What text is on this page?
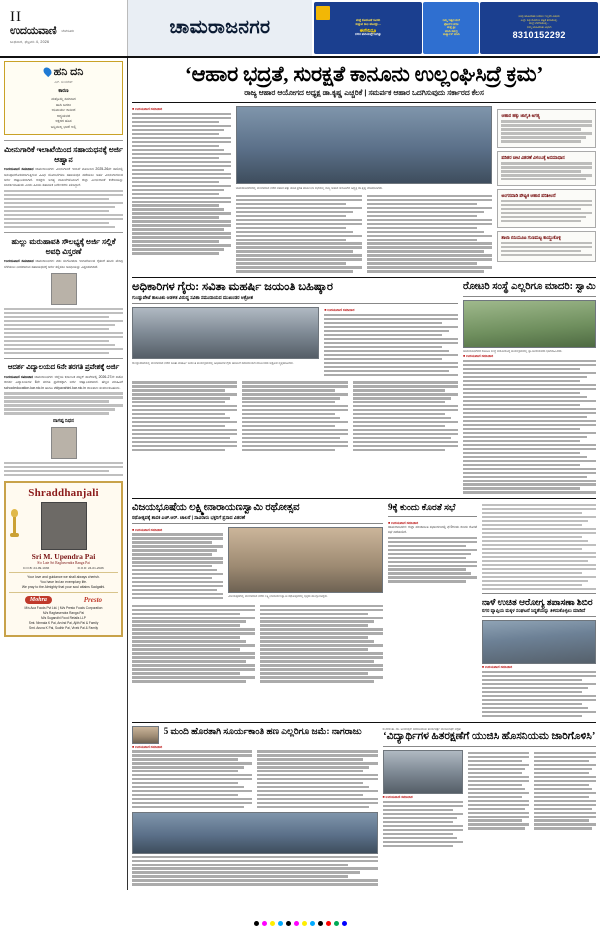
II
ಉದಯವಾಣಿ ಬೆಂಗಳೂರು
ಬುಧವಾರ, ಫೆಬ್ರವರಿ 4, 2026
ಚಾಮರಾಜನಗರ	ಮತ್ತೆ ಕೊಡುವಿಕೆ ಸವಿಸರಿ
ಸುತ್ತುವ ಕಾಲ ಹೋದ್ಲು...
ಈಗೇನಿದ್ರೂ
ಬೆರಳ ತುದಿಯಲ್ಲೇ ಜಗತ್ತು
ನಿಮ್ಮ ಇಷ್ಟದ ಮನೆ
ಫೋನ್‌ನ ತಗೊ
ಮತ್ತೆ ಫ್ರೀ
ಮಾಡಿ ಸಮಗ್ರ
ವಾರ್ತ್ಯಾಸ್ ಮಾಡಿ
ನೀವು ಜಾಹೀರಾತು ನೀಡಲು ಇಲ್ಲವೇ ವಿಷಯ
ಎಲ್ಲಾ ಶಿಫ ಮೊದಲು ಪತ್ರಿಕೆ ಕಳಿಸಿಕೊಳ್ಳಿ.
ಕಾಲ್ಟೆ ಬೆಳೆದುಕೊಳ್ಳಿ...
ನಮ್ಮ ಜಾಹೀರಾತು ವಿಭಾಗ
8310152292
ಹನಿ ದನಿ
ಎನ್. ಸುಂದರೇಶ್
ಕಾರಣ
ಮತ್ತೊಮ್ಮೆ ಸಮಾಜದ
ಹಾದಿ ಬದಲು
ಅನಿವಾರ್ಯ ಕಾಯಿದೆ
ಅಧ್ಯಯನದ
ಅಕ್ಷರದ ಹೊಸ
ಬಡ್ಡಿಯಿಲ್ಲ ಭಾರ! ಅಲ್ಲಿ
ಮೀನುಗಾರಿಕೆ ಇಲಾಖೆಯಿಂದ ಸಹಾಯಧನಕ್ಕೆ ಅರ್ಜಿ ಆಹ್ವಾನ
ಉದಯವಾಣಿ ಸಮಾಚಾರ ಚಾಮರಾಜನಗರ: ಮೀನುಗಾರಿಕೆ ಇಲಾಖೆ ವತಿಯಿಂದ 2025-26ನೇ ಸಾಲಿನಲ್ಲಿ ಅನುಷ್ಠಾನಗೊಳಿಸಲಾಗುತ್ತಿರುವ ವಿವಿಧ ಯೋಜನೆಗಳಡಿ ಸಹಾಯಧನ ಪಡೆಯಲು ಅರ್ಹ ಮೀನುಗಾರರಿಂದ ಅರ್ಜಿ ಆಹ್ವಾನಿಸಲಾಗಿದೆ. ಆಸಕ್ತರು ಅಗತ್ಯ ದಾಖಲೆಗಳೊಂದಿಗೆ ಜಿಲ್ಲಾ ಮೀನುಗಾರಿಕೆ ಕಚೇರಿಯನ್ನು ಸಂಪರ್ಕಿಸಬಹುದು ಎಂದು ಹಿರಿಯ ಸಹಾಯಕ ನಿರ್ದೇಶಕರು ತಿಳಿಸಿದ್ದಾರೆ.
ಹುಲ್ಲು ಮರುಹಾವತಿ ಸೌಲಭ್ಯಕ್ಕೆ ಅರ್ಜಿ ಸಲ್ಲಿಕೆ ಅವಧಿ ವಿಸ್ತರಣೆ
ಉದಯವಾಣಿ ಸಮಾಚಾರ ಚಾಮರಾಜನಗರ: ಪಶು ಸಂಗೋಪನಾ ಇಲಾಖೆಯಿಂದ ರೈತರಿಗೆ ಹಸಿರು ಮೇವು ಬೆಳೆಯಲು ನೀಡಲಾಗುವ ಸಹಾಯಧನಕ್ಕೆ ಅರ್ಜಿ ಸಲ್ಲಿಸಲು ಅವಧಿಯನ್ನು ವಿಸ್ತರಿಸಲಾಗಿದೆ.
ಆದರ್ಶ ವಿದ್ಯಾಲಯದ 6ನೇ ತರಗತಿ ಪ್ರವೇಶಕ್ಕೆ ಅರ್ಜಿ
ಉದಯವಾಣಿ ಸಮಾಚಾರ ಚಾಮರಾಜನಗರ: ಜಿಲ್ಲೆಯ ಕರ್ನಾಟಕ ಪಬ್ಲಿಕ್ ಶಾಲೆಗಳಲ್ಲಿ 2026-27ನೇ ಸಾಲಿನ ಆದರ್ಶ ವಿದ್ಯಾಲಯಗಳ 6ನೇ ತರಗತಿ ಪ್ರವೇಶಕ್ಕಾಗಿ ಅರ್ಜಿ ಆಹ್ವಾನಿಸಲಾಗಿದೆ. ಹೆಚ್ಚಿನ ಮಾಹಿತಿಗೆ schooleducation.kar.nic.in ಹಾಗೂ vidyavahini.kar.nic.in ಜಾಲತಾಣ ಸಂಪರ್ಕಿಸಬಹುದು.
ನಾಗಪ್ಪ ನಿಧನ
Shraddhanjali
Sri M. Upendra Pai
S/o Late Sri Raghavendra Ranga Pai
D.O.B: 24-09-1936	D.O.D: 24-01-2026
Your love and guidance we shall always cherish.
You have led an exemplary life.
We pray to the Almighty that your soul attains Sadgathi.
Mohra	Presto
M/s Aca Foods Pvt Ltd. | M/s Presto Foods Corporation
M/s Raghavendra Ranga Pai
M/s Sugandhi Food Retails LLP
Smt. Nirmala K Pai, Arvind Pai, Ajith Pai & Family
Smt. Aruna K Pai, Sudhir Pai, Vivek Pai & Family
‘ಆಹಾರ ಭದ್ರತೆ, ಸುರಕ್ಷತೆ ಕಾನೂನು ಉಲ್ಲಂಘಿಸಿದ್ರೆ ಕ್ರಮ’
ರಾಜ್ಯ ಆಹಾರ ಆಯೋಗದ ಅಧ್ಯಕ್ಷ ಡಾ.ಕೃಷ್ಣ ಎಚ್ಚರಿಕೆ | ಸಮರ್ಪಕ ಆಹಾರ ಒದಗಿಸುವುದು ಸರ್ಕಾರದ ಕೆಲಸ
■ ಉದಯವಾಣಿ ಸಮಾಚಾರ
ಚಾಮರಾಜನಗರದಲ್ಲಿ ಮಂಗಳವಾರ ನಡೆದ ಆಹಾರ ಹಕ್ಕು ಕುರಿತ ಪ್ರಗತಿ ಪರಿಶೀಲನಾ ಸಭೆಯಲ್ಲಿ ರಾಜ್ಯ ಆಹಾರ ಆಯೋಗದ ಅಧ್ಯಕ್ಷ ಡಾ.ಕೃಷ್ಣ ಮಾತನಾಡಿದರು.
ಆಹಾರ ಹಕ್ಕು ಜಾಗೃತಿ ಅಗತ್ಯ
ಪಡಿತರ ಚೀಟಿ ವಿತರಣೆ ವಿಳಂಬಕ್ಕೆ ಅಸಮಾಧಾನ
ಅಂಗನವಾಡಿ ಪೌಷ್ಟಿಕ ಆಹಾರ ಪರಿಶೀಲನೆ
ಶಾಲಾ ಬಿಸಿಯೂಟ ಗುಣಮಟ್ಟ ಕಾಯ್ದುಕೊಳ್ಳಿ
ಅಧಿಕಾರಿಗಳ ಗೈರು: ಸವಿತಾ ಮಹರ್ಷಿ ಜಯಂತಿ ಬಹಿಷ್ಕಾರ
ಗುಂಡ್ಲುಪೇಟೆ ತಾಲೂಕು ಆಡಳಿತ ವಿರುದ್ಧ ಸವಿತಾ ಸಮುದಾಯದ ಮುಖಂಡರ ಆಕ್ರೋಶ
ಗುಂಡ್ಲುಪೇಟೆಯಲ್ಲಿ ಮಂಗಳವಾರ ನಡೆದ ಸವಿತಾ ಮಹರ್ಷಿ ಜಯಂತಿ ಕಾರ್ಯಕ್ರಮದಲ್ಲಿ ಅಧಿಕಾರಿಗಳ ಗೈರು ಹಾಜರಿಗೆ ಸಮುದಾಯದ ಮುಖಂಡರು ಆಕ್ರೋಶ ವ್ಯಕ್ತಪಡಿಸಿದರು.
■ ಉದಯವಾಣಿ ಸಮಾಚಾರ
ರೋಟರಿ ಸಂಸ್ಥೆ ಎಲ್ಲರಿಗೂ ಮಾದರಿ: ಸ್ವಾಮಿ
ಚಾಮರಾಜನಗರದ ರೋಟರಿ ಸಂಸ್ಥೆ ಆಯೋಜಿಸಿದ್ದ ಕಾರ್ಯಕ್ರಮದಲ್ಲಿ ಸ್ವಾಮೀಜಿಯವರು ಭಾಗವಹಿಸಿದರು.
■ ಉದಯವಾಣಿ ಸಮಾಚಾರ
ವಿಜಯಭೂಷೆಯ ಲಕ್ಷ್ಮೀನಾರಾಯಣಸ್ವಾಮಿ ರಥೋತ್ಸವ
ರಥೋತ್ಸವಕ್ಕೆ ಶಾಸಕ ಎಚ್.ಆರ್. ಚಾಲನೆ | ಸಾವಿರಾರು ಭಕ್ತರಿಗೆ ಪ್ರಸಾದ ವಿತರಣೆ
■ ಉದಯವಾಣಿ ಸಮಾಚಾರ
ವಿಜಯಪುರದಲ್ಲಿ ಮಂಗಳವಾರ ನಡೆದ ಲಕ್ಷ್ಮೀನಾರಾಯಣಸ್ವಾಮಿ ರಥೋತ್ಸವದಲ್ಲಿ ಭಕ್ತರು ಪಾಲ್ಗೊಂಡಿದ್ದರು.
9ಕ್ಕೆ ಕುಂದು ಕೊರತೆ ಸಭೆ
■ ಉದಯವಾಣಿ ಸಮಾಚಾರ
ಚಾಮರಾಜನಗರ: ಜಿಲ್ಲಾ ಪಂಚಾಯಿತಿ ಸಭಾಂಗಣದಲ್ಲಿ ಫೆ.9ರಂದು ಕುಂದು ಕೊರತೆ ಸಭೆ ನಡೆಯಲಿದೆ.
ನಾಳೆ ಉಚಿತ ಆರೋಗ್ಯ ತಪಾಸಣಾ ಶಿಬಿರ
ನಗರ ವ್ಯಾಪ್ತಿಯ ಮಕ್ಕಳ ಸಂಘಟನೆ ಸಿದ್ಧತೆಯನ್ನು ತಿಳಿದುಕೊಳ್ಳಲು ಮಾಡಿದೆ
■ ಉದಯವಾಣಿ ಸಮಾಚಾರ
5 ಮಂದಿ ಹೊರತಾಗಿ ಸೂರ್ಯಕಾಂತಿ ಹಣ ಎಲ್ಲರಿಗೂ ಜಮೆ: ನಾಗರಾಜು
■ ಉದಯವಾಣಿ ಸಮಾಚಾರ
ಜಿ.ನಗರ ತಾ. ಡಾ. ಅಂಬೇಡ್ಕರ್ ಸಮಾಜಮುಖಿ ಕಾರ್ಯಕರ್ತ್ರ ಮಂಜುನಾಥ್ ಆಗ್ರಹ
‘ವಿದ್ಯಾರ್ಥಿಗಳ ಹಿತರಕ್ಷಣೆಗೆ ಯುಜಿಸಿ ಹೊಸನಿಯಮ ಜಾರಿಗೊಳಿಸಿ’
■ ಉದಯವಾಣಿ ಸಮಾಚಾರ
